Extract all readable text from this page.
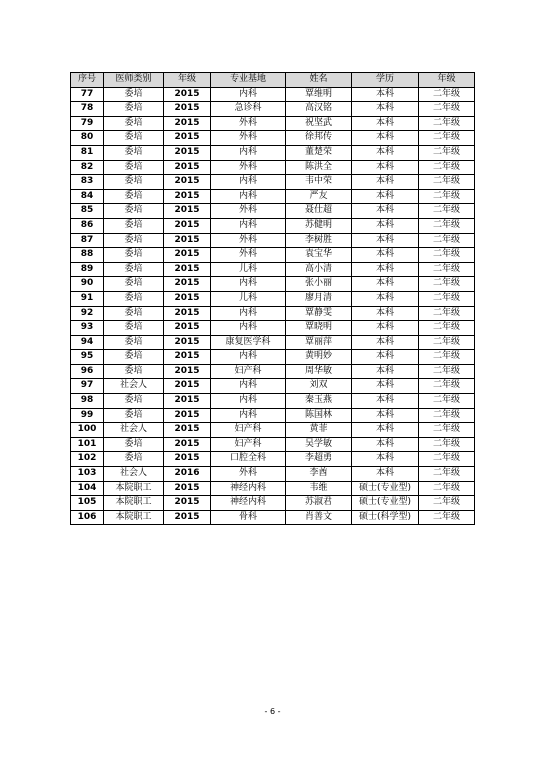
序号	医师类别	年级	专业基地	姓名	学历	年级
77	委培	2015	内科	覃维明	本科	二年级
78	委培	2015	急诊科	高汉铭	本科	二年级
79	委培	2015	外科	祝坚武	本科	二年级
80	委培	2015	外科	徐邦传	本科	二年级
81	委培	2015	内科	董楚荣	本科	二年级
82	委培	2015	外科	陈洪全	本科	二年级
83	委培	2015	内科	韦中荣	本科	二年级
84	委培	2015	内科	严友	本科	二年级
85	委培	2015	外科	聂仕超	本科	二年级
86	委培	2015	内科	苏健明	本科	二年级
87	委培	2015	外科	李树胜	本科	二年级
88	委培	2015	外科	袁宝华	本科	二年级
89	委培	2015	儿科	高小清	本科	二年级
90	委培	2015	内科	张小丽	本科	二年级
91	委培	2015	儿科	廖月清	本科	二年级
92	委培	2015	内科	覃静雯	本科	二年级
93	委培	2015	内科	覃晓明	本科	二年级
94	委培	2015	康复医学科	覃丽萍	本科	二年级
95	委培	2015	内科	黄明妙	本科	二年级
96	委培	2015	妇产科	周华敏	本科	二年级
97	社会人	2015	内科	刘双	本科	二年级
98	委培	2015	内科	秦玉燕	本科	二年级
99	委培	2015	内科	陈国林	本科	二年级
100	社会人	2015	妇产科	黄菲	本科	二年级
101	委培	2015	妇产科	吴学敏	本科	二年级
102	委培	2015	口腔全科	李超勇	本科	二年级
103	社会人	2016	外科	李酋	本科	二年级
104	本院职工	2015	神经内科	韦维	硕士(专业型)	二年级
105	本院职工	2015	神经内科	苏淑君	硕士(专业型)	二年级
106	本院职工	2015	骨科	肖善文	硕士(科学型)	二年级
- 6 -
